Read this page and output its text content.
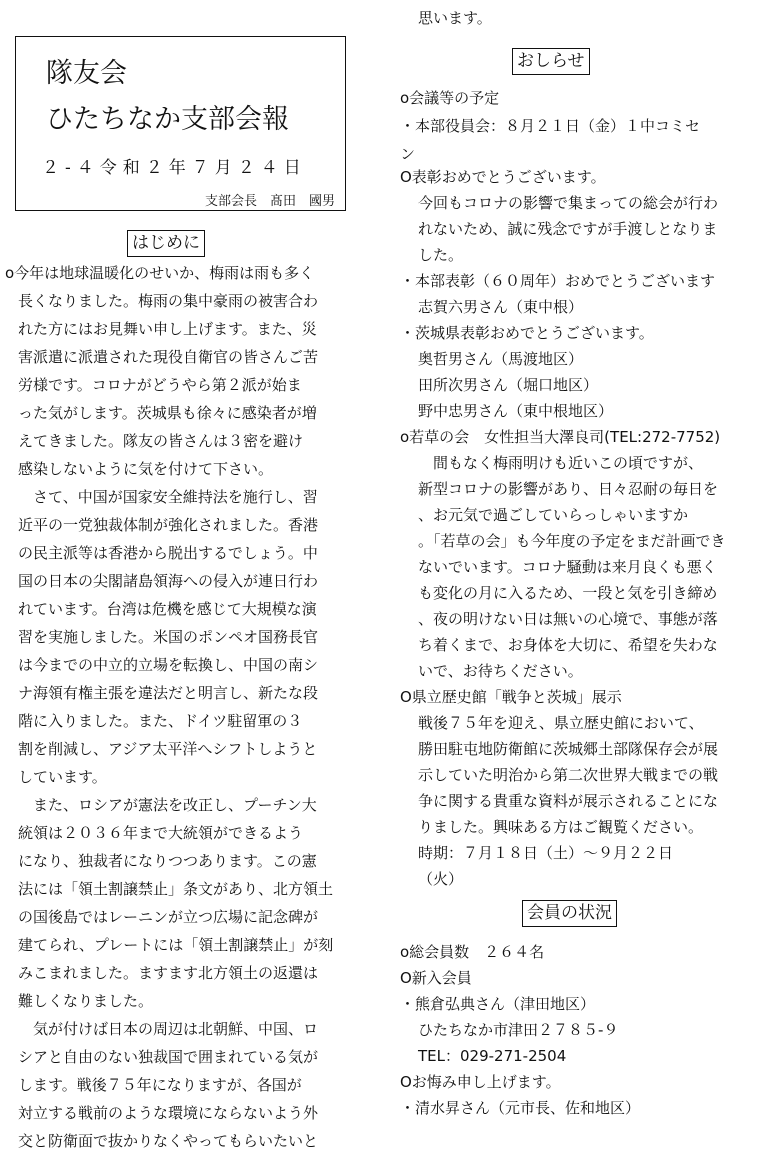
隊友会
ひたちなか支部会報
２-４令和２年７月２４日
支部会長　髙田　國男
はじめに
o今年は地球温暖化のせいか、梅雨は雨も多く
長くなりました。梅雨の集中豪雨の被害合わ
れた方にはお見舞い申し上げます。また、災
害派遣に派遣された現役自衛官の皆さんご苦
労様です。コロナがどうやら第２派が始ま
った気がします。茨城県も徐々に感染者が増
えてきました。隊友の皆さんは３密を避け
感染しないように気を付けて下さい。
さて、中国が国家安全維持法を施行し、習
近平の一党独裁体制が強化されました。香港
の民主派等は香港から脱出するでしょう。中
国の日本の尖閣諸島領海への侵入が連日行わ
れています。台湾は危機を感じて大規模な演
習を実施しました。米国のポンペオ国務長官
は今までの中立的立場を転換し、中国の南シ
ナ海領有権主張を違法だと明言し、新たな段
階に入りました。また、ドイツ駐留軍の３
割を削減し、アジア太平洋へシフトしようと
しています。
また、ロシアが憲法を改正し、プーチン大
統領は２０３６年まで大統領ができるよう
になり、独裁者になりつつあります。この憲
法には「領土割譲禁止」条文があり、北方領土
の国後島ではレーニンが立つ広場に記念碑が
建てられ、プレートには「領土割譲禁止」が刻
みこまれました。ますます北方領土の返還は
難しくなりました。
気が付けば日本の周辺は北朝鮮、中国、ロ
シアと自由のない独裁国で囲まれている気が
します。戦後７５年になりますが、各国が
対立する戦前のような環境にならないよう外
交と防衛面で抜かりなくやってもらいたいと
思います。
おしらせ
o会議等の予定
・本部役員会：８月２１日（金）１中コミセ
ン
O表彰おめでとうございます。
今回もコロナの影響で集まっての総会が行わ
れないため、誠に残念ですが手渡しとなりま
した。
・本部表彰（６０周年）おめでとうございます
志賀六男さん（東中根）
・茨城県表彰おめでとうございます。
奥哲男さん（馬渡地区）
田所次男さん（堀口地区）
野中忠男さん（東中根地区）
o若草の会　女性担当大澤良司(TEL:272-7752)
間もなく梅雨明けも近いこの頃ですが、
新型コロナの影響があり、日々忍耐の毎日を
、お元気で過ごしていらっしゃいますか
。「若草の会」も今年度の予定をまだ計画でき
ないでいます。コロナ騒動は来月良くも悪く
も変化の月に入るため、一段と気を引き締め
、夜の明けない日は無いの心境で、事態が落
ち着くまで、お身体を大切に、希望を失わな
いで、お待ちください。
O県立歴史館「戦争と茨城」展示
戦後７５年を迎え、県立歴史館において、
勝田駐屯地防衛館に茨城郷土部隊保存会が展
示していた明治から第二次世界大戦までの戦
争に関する貴重な資料が展示されることにな
りました。興味ある方はご観覧ください。
時期：７月１８日（土）～９月２２日
（火）
会員の状況
o総会員数　２６４名
O新入会員
・熊倉弘典さん（津田地区）
ひたちなか市津田２７８５-９
TEL：029-271-2504
Oお悔み申し上げます。
・清水昇さん（元市長、佐和地区）
